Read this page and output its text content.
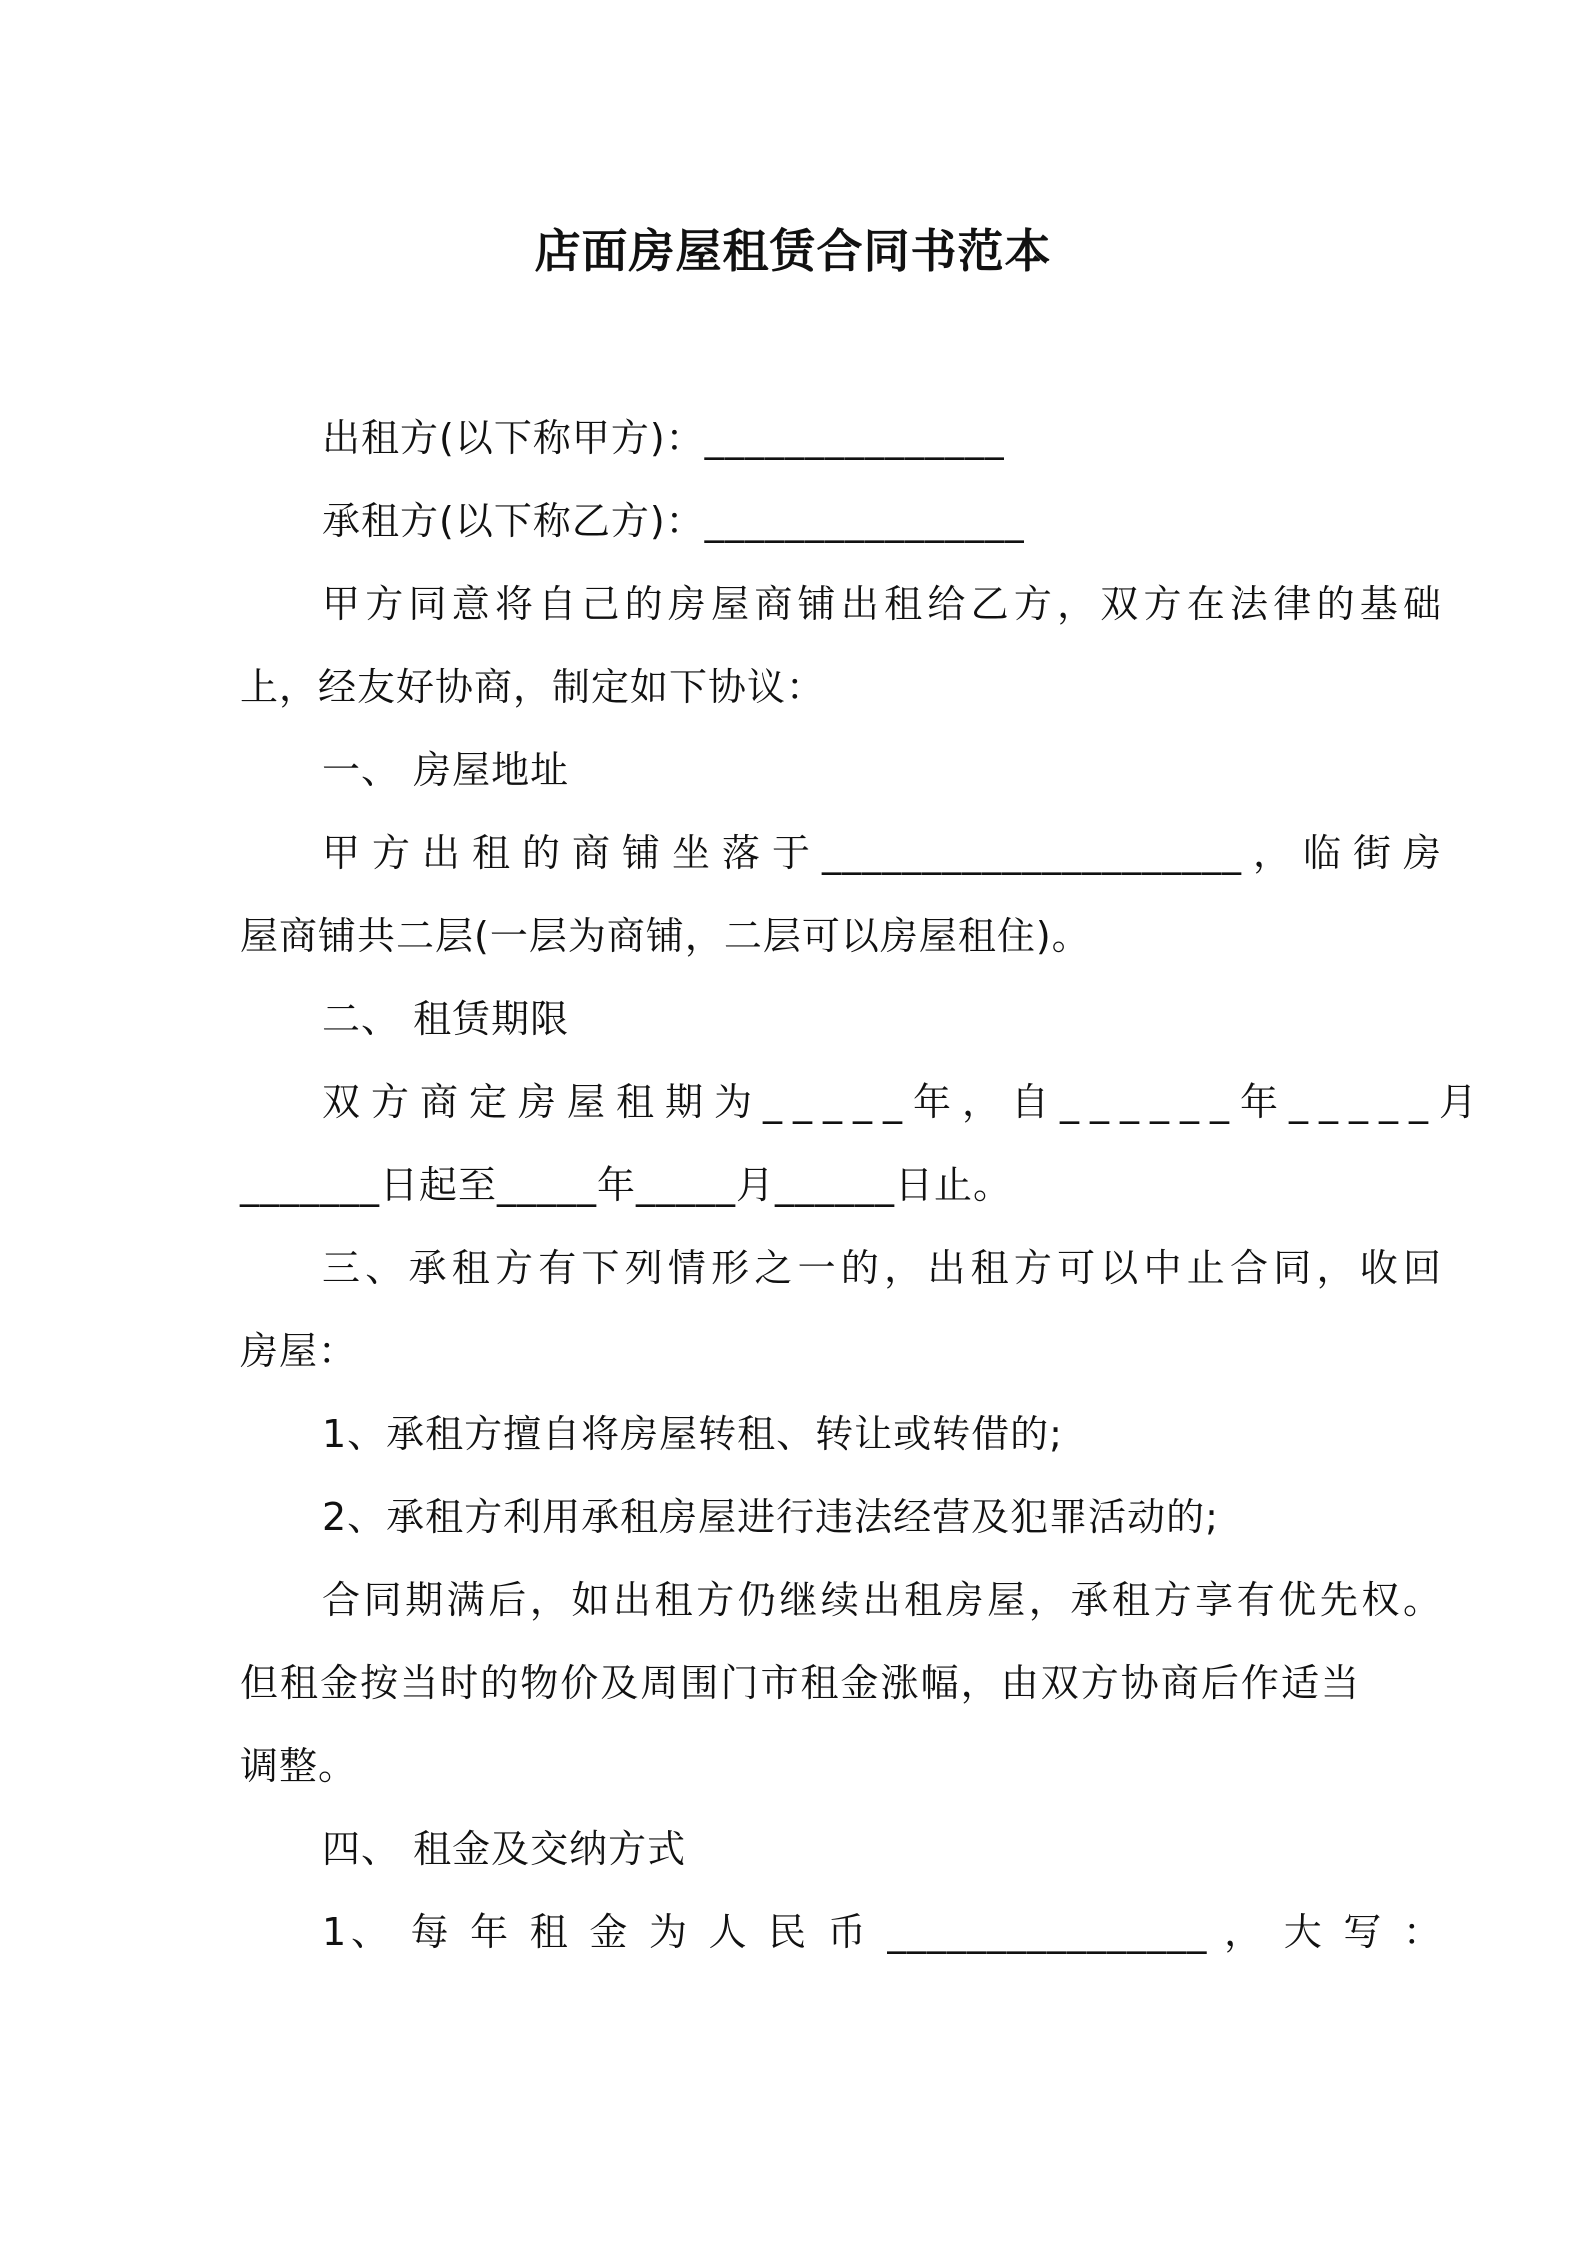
店面房屋租赁合同书范本
出租方(以下称甲方)：_______________
承租方(以下称乙方)：________________
甲方同意将自己的房屋商铺出租给乙方，双方在法律的基础
上，经友好协商，制定如下协议：
一、 房屋地址
甲方出租的商铺坐落于_____________________，临街房
屋商铺共二层(一层为商铺，二层可以房屋租住)。
二、 租赁期限
双方商定房屋租期为_____年，自______年_____月
_______日起至_____年_____月______日止。
三、承租方有下列情形之一的，出租方可以中止合同，收回
房屋：
1、承租方擅自将房屋转租、转让或转借的;
2、承租方利用承租房屋进行违法经营及犯罪活动的;
合同期满后，如出租方仍继续出租房屋，承租方享有优先权。
但租金按当时的物价及周围门市租金涨幅，由双方协商后作适当
调整。
四、 租金及交纳方式
1、 每 年 租 金 为 人 民 币 ________________ ， 大 写 ：
